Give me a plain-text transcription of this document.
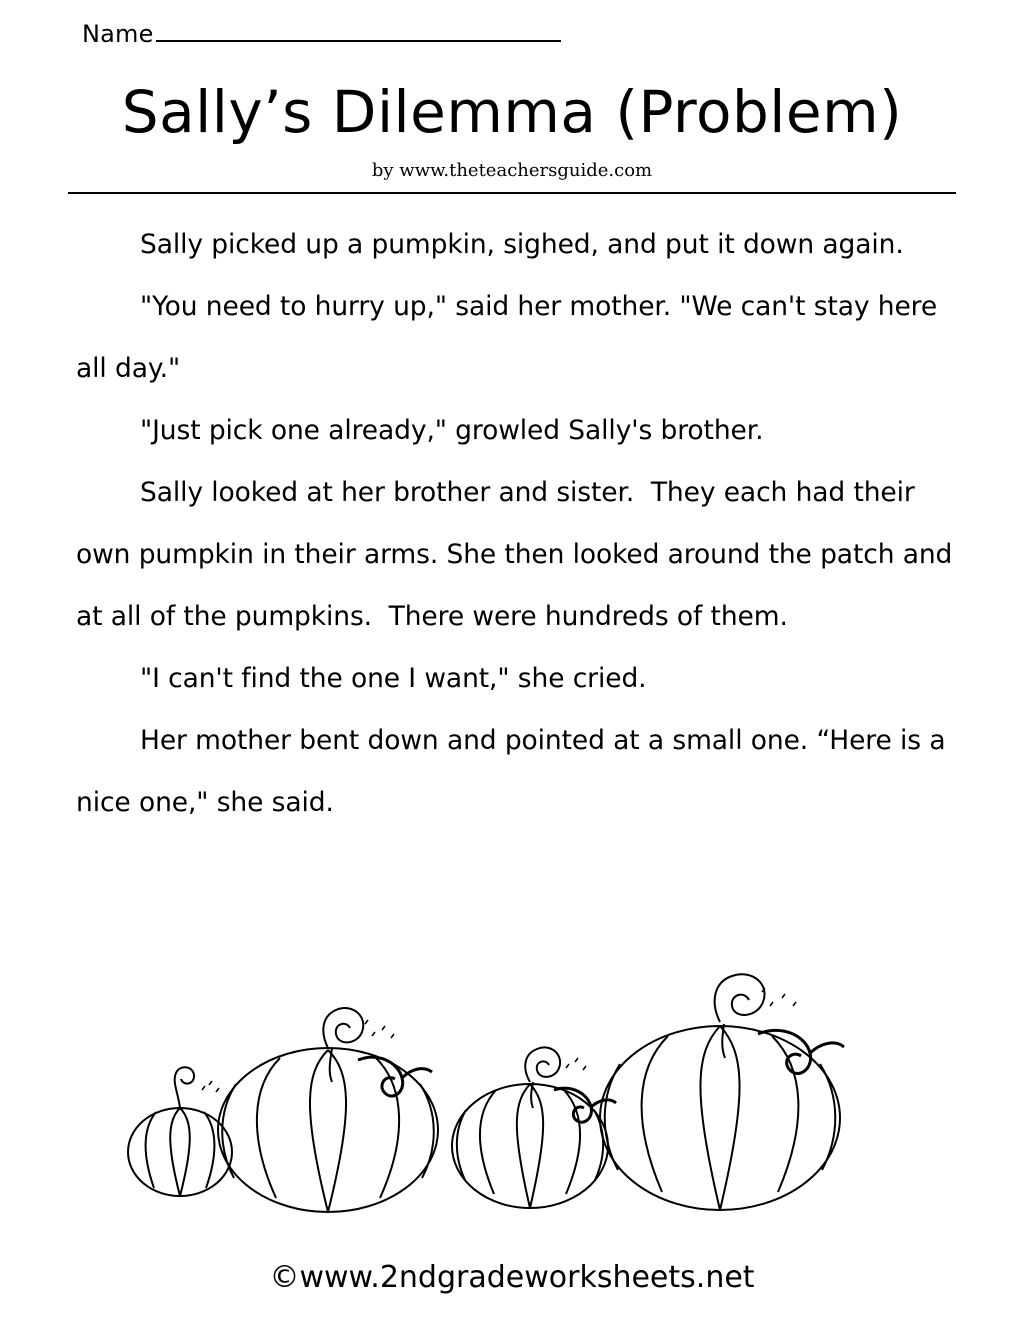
Name
Sally’s Dilemma (Problem)
by www.theteachersguide.com

Sally picked up a pumpkin, sighed, and put it down again.

"You need to hurry up," said her mother. "We can't stay here all day."

"Just pick one already," growled Sally's brother.

Sally looked at her brother and sister.  They each had their own pumpkin in their arms. She then looked around the patch and at all of the pumpkins.  There were hundreds of them.

"I can't find the one I want," she cried.

Her mother bent down and pointed at a small one. “Here is a nice one," she said.

©www.2ndgradeworksheets.net
